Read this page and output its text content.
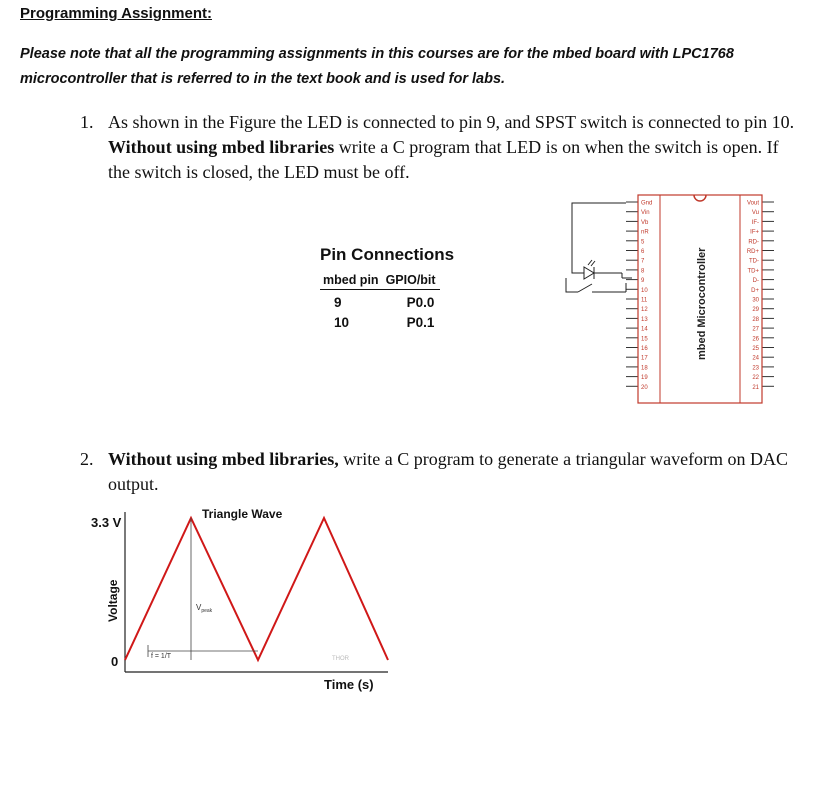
Programming Assignment:
Please note that all the programming assignments in this courses are for the mbed board with LPC1768 microcontroller that is referred to in the text book and is used for labs.
1. As shown in the Figure the LED is connected to pin 9, and SPST switch is connected to pin 10. Without using mbed libraries write a C program that LED is on when the switch is open. If the switch is closed, the LED must be off.
Pin Connections
mbed pin	GPIO/bit
9	P0.0
10	P0.1
Gnd
Vin
Vb
nR
5
6
7
8
9
10
11
12
13
14
15
16
17
18
19
20
Vout
Vu
IF-
IF+
RD-
RD+
TD-
TD+
D-
D+
30
29
28
27
26
25
24
23
22
21
mbed Microcontroller
2. Without using mbed libraries, write a C program to generate a triangular waveform on DAC output.
Triangle Wave
3.3 V
0
Voltage
f = 1/T
$V_{peak}$
THOR
Time (s)
